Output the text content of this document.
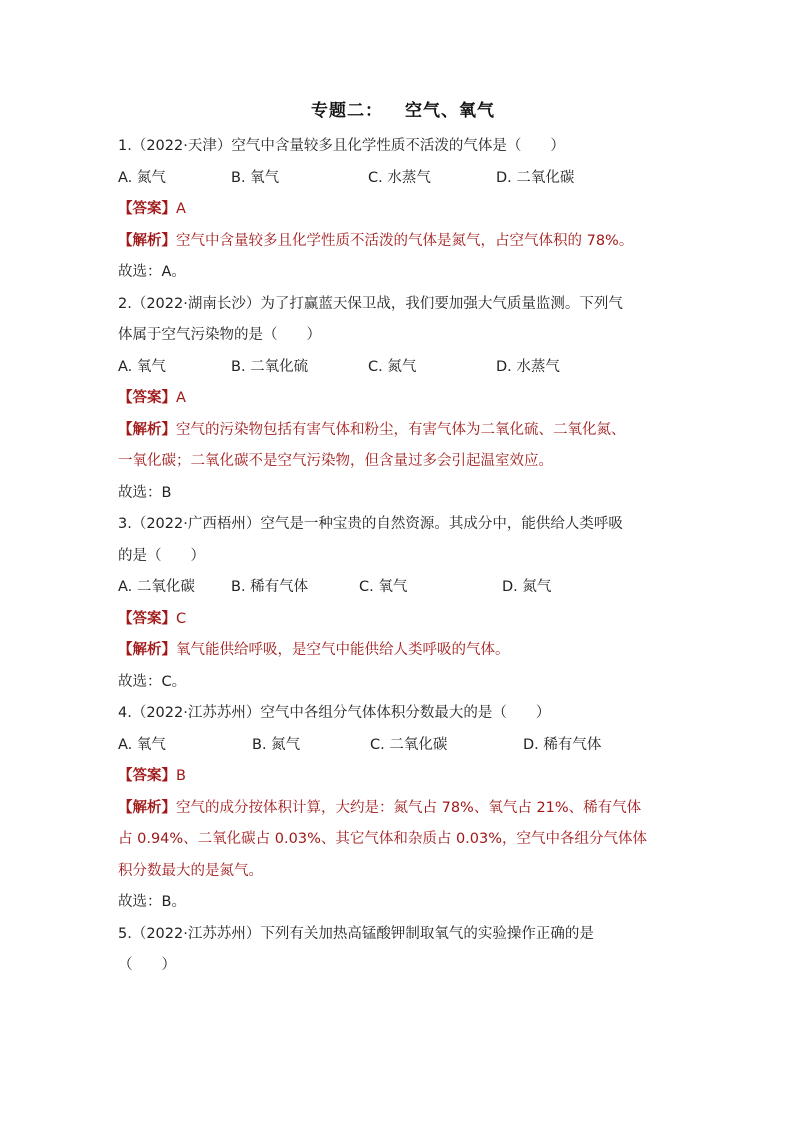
专题二： 空气、氧气
1.（2022·天津）空气中含量较多且化学性质不活泼的气体是（　　）
A. 氮气	B. 氧气	C. 水蒸气	D. 二氧化碳
【答案】A
【解析】空气中含量较多且化学性质不活泼的气体是氮气，占空气体积的 78%。
故选：A。
2.（2022·湖南长沙）为了打赢蓝天保卫战，我们要加强大气质量监测。下列气
体属于空气污染物的是（　　）
A. 氧气	B. 二氧化硫	C. 氮气	D. 水蒸气
【答案】A
【解析】空气的污染物包括有害气体和粉尘，有害气体为二氧化硫、二氧化氮、
一氧化碳；二氧化碳不是空气污染物，但含量过多会引起温室效应。
故选：B
3.（2022·广西梧州）空气是一种宝贵的自然资源。其成分中，能供给人类呼吸
的是（　　）
A. 二氧化碳	B. 稀有气体	C. 氧气	D. 氮气
【答案】C
【解析】氧气能供给呼吸，是空气中能供给人类呼吸的气体。
故选：C。
4.（2022·江苏苏州）空气中各组分气体体积分数最大的是（　　）
A. 氧气	B. 氮气	C. 二氧化碳	D. 稀有气体
【答案】B
【解析】空气的成分按体积计算，大约是：氮气占 78%、氧气占 21%、稀有气体
占 0.94%、二氧化碳占 0.03%、其它气体和杂质占 0.03%，空气中各组分气体体
积分数最大的是氮气。
故选：B。
5.（2022·江苏苏州）下列有关加热高锰酸钾制取氧气的实验操作正确的是
（　　）
